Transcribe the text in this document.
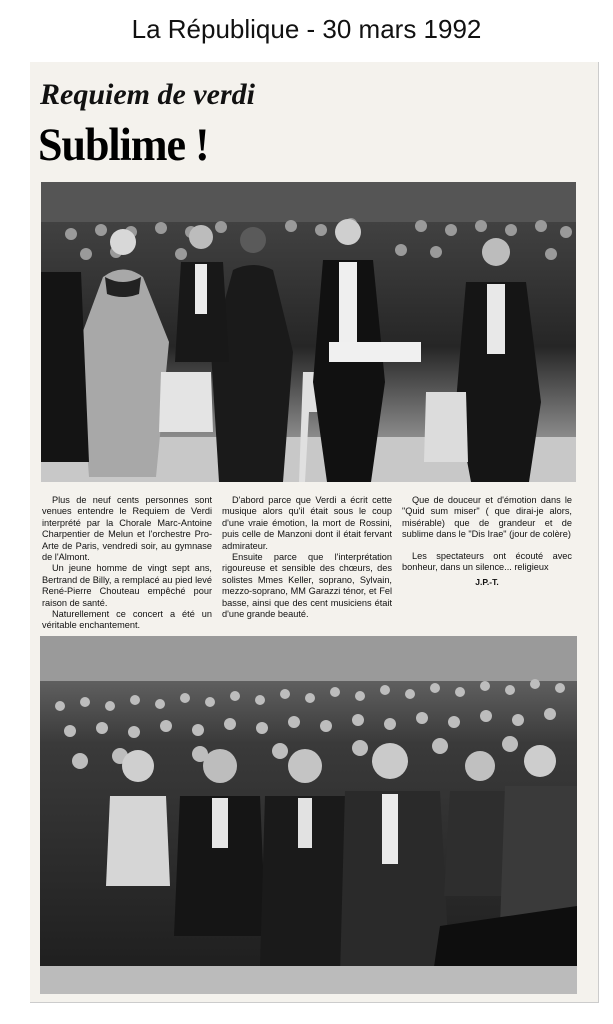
La République - 30 mars 1992
Requiem de verdi
Sublime !

Plus de neuf cents personnes sont venues entendre le Requiem de Verdi interprété par la Chorale Marc-Antoine Charpentier de Melun et l'orchestre Pro-Arte de Paris, vendredi soir, au gymnase de l'Almont.

Un jeune homme de vingt sept ans, Bertrand de Billy, a remplacé au pied levé René-Pierre Chouteau empêché pour raison de santé.

Naturellement ce concert a été un véritable enchantement.

D'abord parce que Verdi a écrit cette musique alors qu'il était sous le coup d'une vraie émotion, la mort de Rossini, puis celle de Manzoni dont il était fervant admirateur.

Ensuite parce que l'interprétation rigoureuse et sensible des chœurs, des solistes Mmes Keller, soprano, Sylvain, mezzo-soprano, MM Garazzi ténor, et Fel basse, ainsi que des cent musiciens était d'une grande beauté.

Que de douceur et d'émotion dans le "Quid sum miser" ( que dirai-je alors, misérable) que de grandeur et de sublime dans le "Dis Irae" (jour de colère)

Les spectateurs ont écouté avec bonheur, dans un silence... religieux

J.P.-T.
